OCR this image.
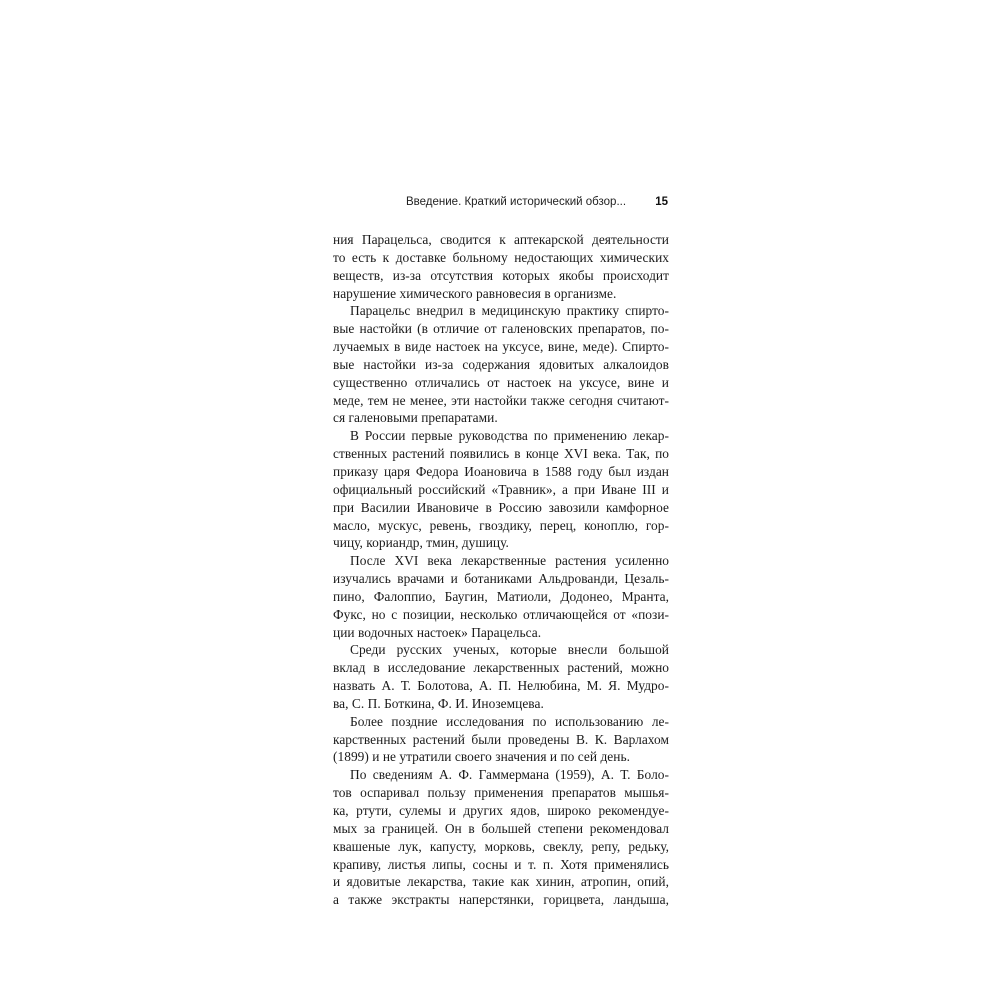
Введение. Краткий исторический обзор...	15
ния Парацельса, сводится к аптекарской деятельности
то есть к доставке больному недостающих химических
веществ, из-за отсутствия которых якобы происходит
нарушение химического равновесия в организме.
Парацельс внедрил в медицинскую практику спирто-
вые настойки (в отличие от галеновских препаратов, по-
лучаемых в виде настоек на уксусе, вине, меде). Спирто-
вые настойки из-за содержания ядовитых алкалоидов
существенно отличались от настоек на уксусе, вине и
меде, тем не менее, эти настойки также сегодня считают-
ся галеновыми препаратами.
В России первые руководства по применению лекар-
ственных растений появились в конце XVI века. Так, по
приказу царя Федора Иоановича в 1588 году был издан
официальный российский «Травник», а при Иване III и
при Василии Ивановиче в Россию завозили камфорное
масло, мускус, ревень, гвоздику, перец, коноплю, гор-
чицу, кориандр, тмин, душицу.
После XVI века лекарственные растения усиленно
изучались врачами и ботаниками Альдрованди, Цезаль-
пино, Фалоппио, Баугин, Матиоли, Додонео, Мранта,
Фукс, но с позиции, несколько отличающейся от «пози-
ции водочных настоек» Парацельса.
Среди русских ученых, которые внесли большой
вклад в исследование лекарственных растений, можно
назвать А. Т. Болотова, А. П. Нелюбина, М. Я. Мудро-
ва, С. П. Боткина, Ф. И. Иноземцева.
Более поздние исследования по использованию ле-
карственных растений были проведены В. К. Варлахом
(1899) и не утратили своего значения и по сей день.
По сведениям А. Ф. Гаммермана (1959), А. Т. Боло-
тов оспаривал пользу применения препаратов мышья-
ка, ртути, сулемы и других ядов, широко рекомендуе-
мых за границей. Он в большей степени рекомендовал
квашеные лук, капусту, морковь, свеклу, репу, редьку,
крапиву, листья липы, сосны и т. п. Хотя применялись
и ядовитые лекарства, такие как хинин, атропин, опий,
а также экстракты наперстянки, горицвета, ландыша,
